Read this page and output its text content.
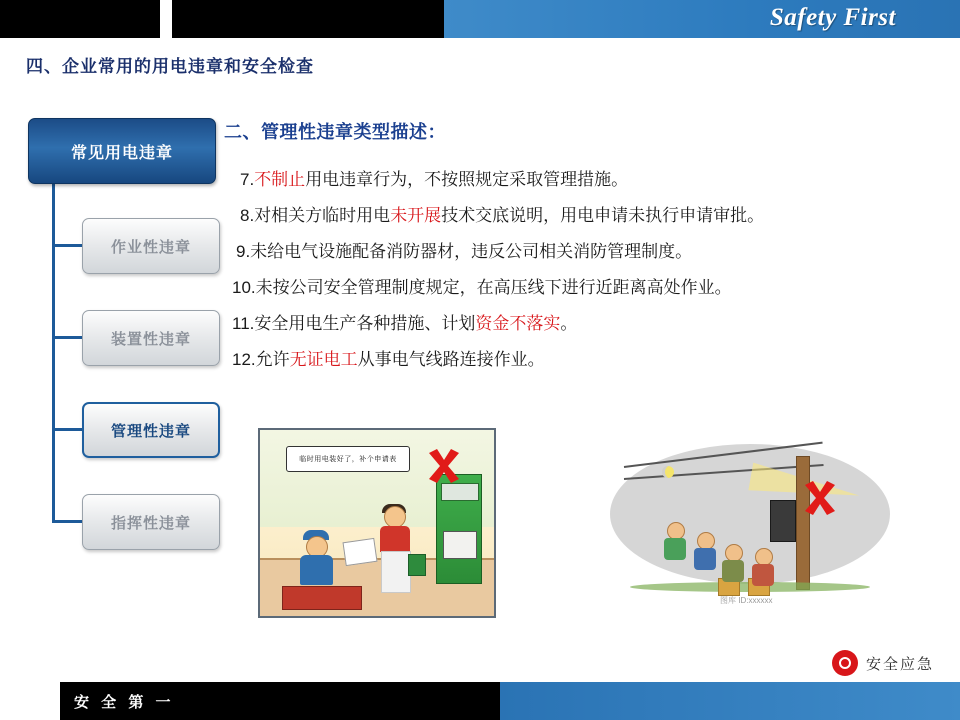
Safety First
四、企业常用的用电违章和安全检查
常见用电违章
作业性违章
装置性违章
管理性违章
指挥性违章
二、管理性违章类型描述：
7.不制止用电违章行为，不按照规定采取管理措施。
8.对相关方临时用电未开展技术交底说明，用电申请未执行申请审批。
9.未给电气设施配备消防器材，违反公司相关消防管理制度。
10.未按公司安全管理制度规定，在高压线下进行近距离高处作业。
11.安全用电生产各种措施、计划资金不落实。
12.允许无证电工从事电气线路连接作业。
临时用电装好了，补个申请表
图库 ID:xxxxxx
安全应急
安 全 第 一
